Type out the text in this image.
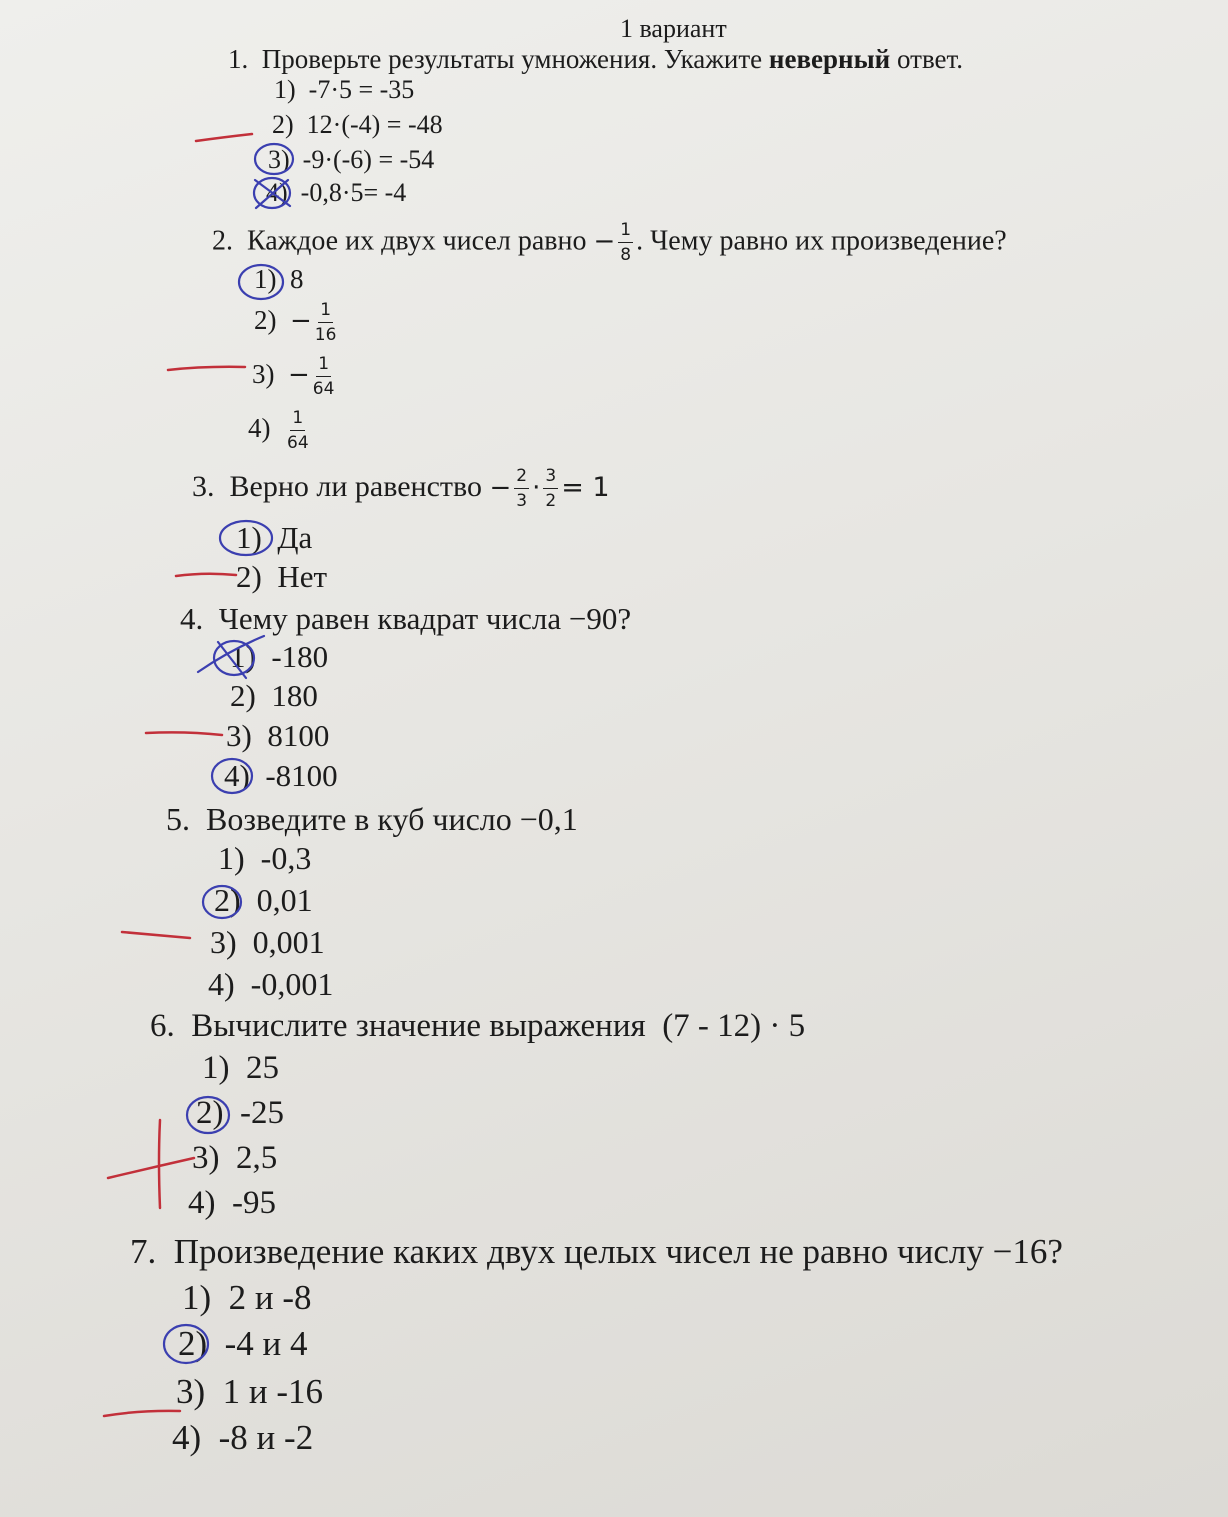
1 вариант
1. Проверьте результаты умножения. Укажите неверный ответ.
1) -7·5 = -35
2) 12·(-4) = -48
3) -9·(-6) = -54
4) -0,8·5= -4
2. Каждое их двух чисел равно − $\frac{1}{8}$ . Чему равно их произведение?
1) 8
$2) - \frac{1}{16}$
$3) - \frac{1}{64}$
$4) \frac{1}{64}$
3. Верно ли равенство − $\frac{2}{3} \cdot \frac{3}{2} = 1$
1) Да
2) Нет
4. Чему равен квадрат числа −90?
1) -180
2) 180
3) 8100
4) -8100
5. Возведите в куб число −0,1
1) -0,3
2) 0,01
3) 0,001
4) -0,001
6. Вычислите значение выражения (7 - 12) · 5
1) 25
2) -25
3) 2,5
4) -95
7. Произведение каких двух целых чисел не равно числу −16?
1) 2 и -8
2) -4 и 4
3) 1 и -16
4) -8 и -2
